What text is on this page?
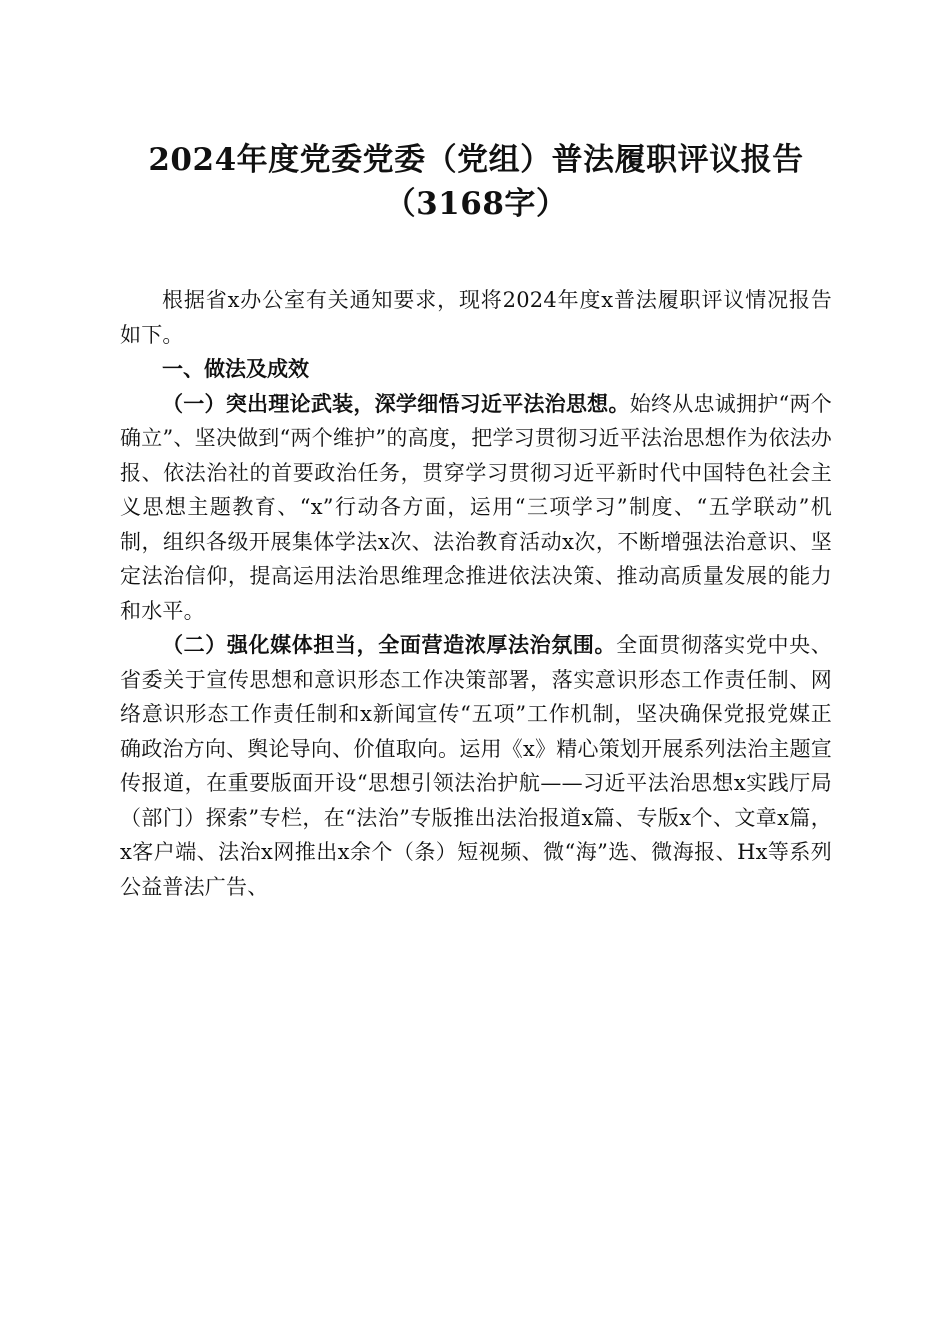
2024年度党委党委（党组）普法履职评议报告（3168字）

根据省x办公室有关通知要求，现将2024年度x普法履职评议情况报告如下。

一、做法及成效

（一）突出理论武装，深学细悟习近平法治思想。始终从忠诚拥护“两个确立”、坚决做到“两个维护”的高度，把学习贯彻习近平法治思想作为依法办报、依法治社的首要政治任务，贯穿学习贯彻习近平新时代中国特色社会主义思想主题教育、“x”行动各方面，运用“三项学习”制度、“五学联动”机制，组织各级开展集体学法x次、法治教育活动x次，不断增强法治意识、坚定法治信仰，提高运用法治思维理念推进依法决策、推动高质量发展的能力和水平。

（二）强化媒体担当，全面营造浓厚法治氛围。全面贯彻落实党中央、省委关于宣传思想和意识形态工作决策部署，落实意识形态工作责任制、网络意识形态工作责任制和x新闻宣传“五项”工作机制，坚决确保党报党媒正确政治方向、舆论导向、价值取向。运用《x》精心策划开展系列法治主题宣传报道，在重要版面开设“思想引领法治护航——习近平法治思想x实践厅局（部门）探索”专栏，在“法治”专版推出法治报道x篇、专版x个、文章x篇，x客户端、法治x网推出x余个（条）短视频、微“海”选、微海报、Hx等系列公益普法广告、
